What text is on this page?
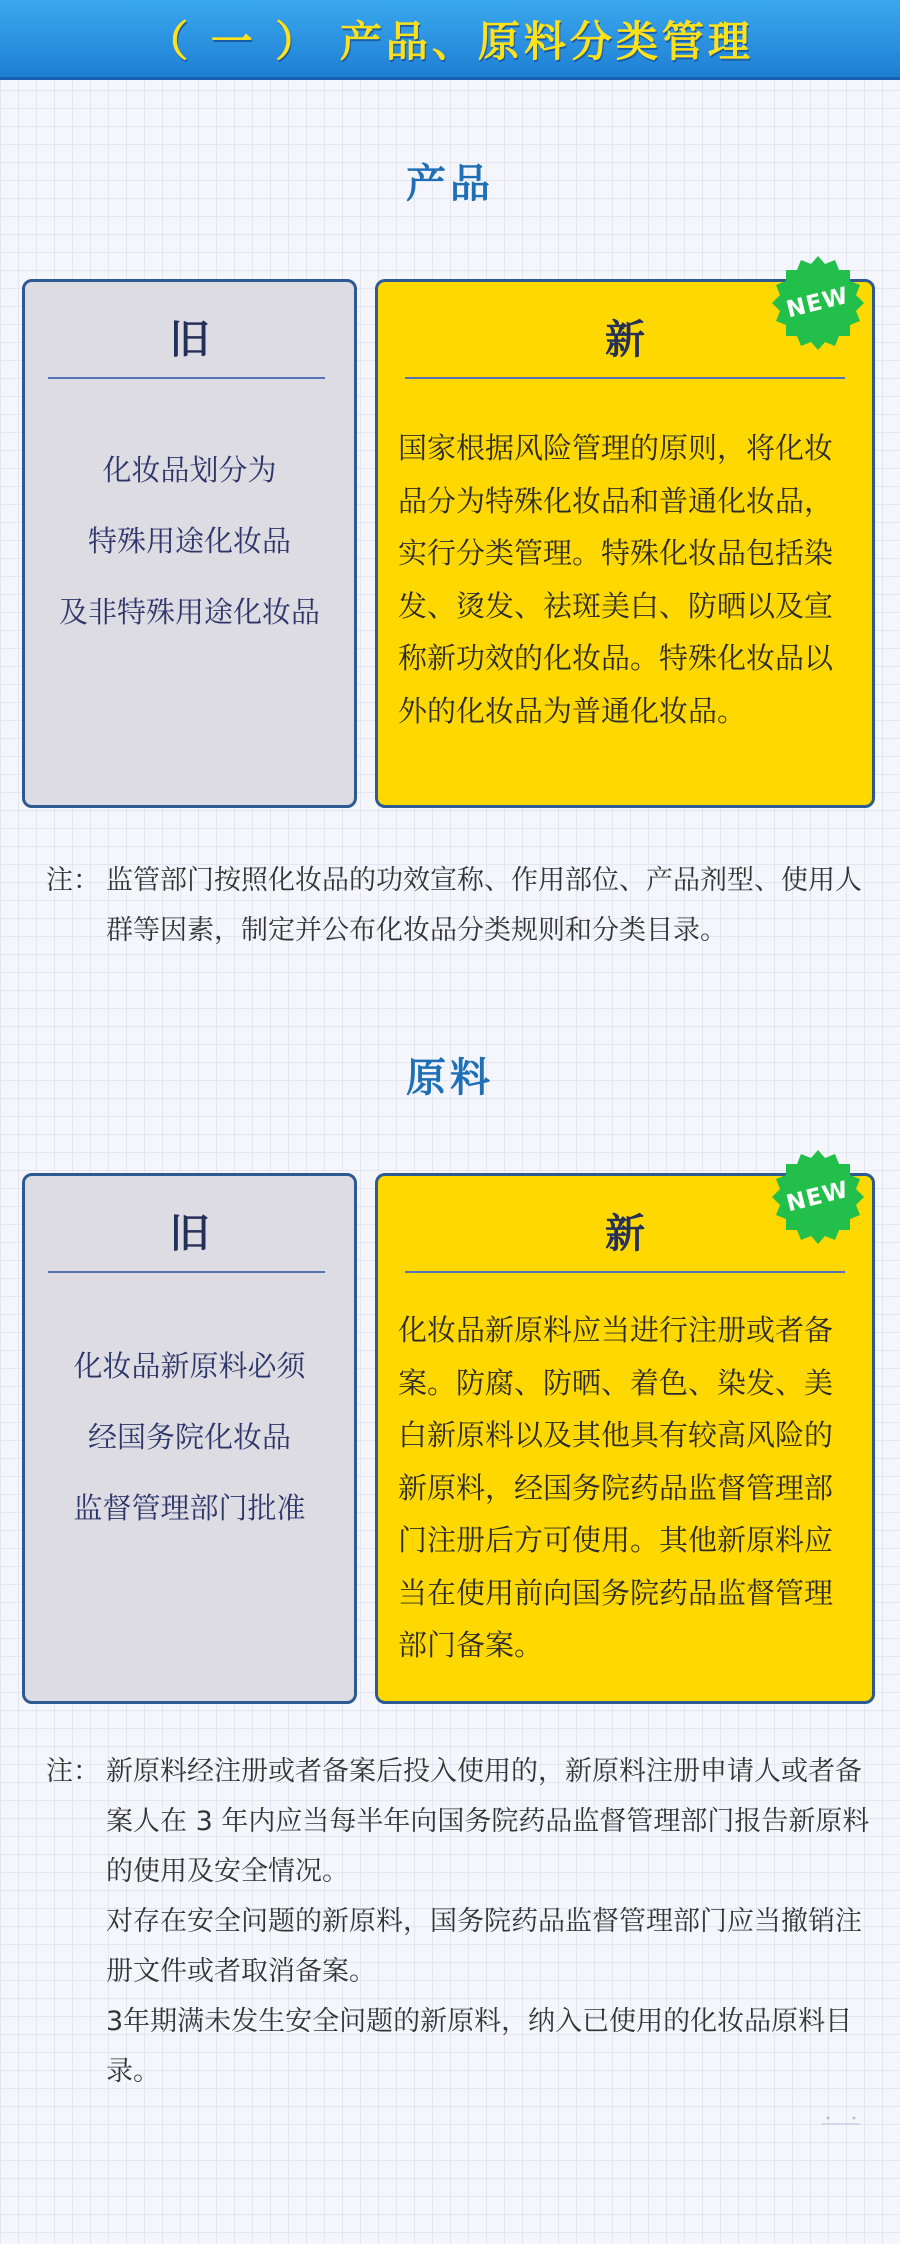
（ 一 ） 产品、原料分类管理
产品
旧
化妆品划分为
特殊用途化妆品
及非特殊用途化妆品
新
国家根据风险管理的原则，将化妆
品分为特殊化妆品和普通化妆品，
实行分类管理。特殊化妆品包括染
发、烫发、祛斑美白、防晒以及宣
称新功效的化妆品。特殊化妆品以
外的化妆品为普通化妆品。
NEW
注： 监管部门按照化妆品的功效宣称、作用部位、产品剂型、使用人群等因素，制定并公布化妆品分类规则和分类目录。

原料
旧
化妆品新原料必须
经国务院化妆品
监督管理部门批准
新
化妆品新原料应当进行注册或者备
案。防腐、防晒、着色、染发、美
白新原料以及其他具有较高风险的
新原料，经国务院药品监督管理部
门注册后方可使用。其他新原料应
当在使用前向国务院药品监督管理
部门备案。
NEW
注： 新原料经注册或者备案后投入使用的，新原料注册申请人或者备案人在 3 年内应当每半年向国务院药品监督管理部门报告新原料的使用及安全情况。

对存在安全问题的新原料，国务院药品监督管理部门应当撤销注册文件或者取消备案。

3年期满未发生安全问题的新原料，纳入已使用的化妆品原料目录。
